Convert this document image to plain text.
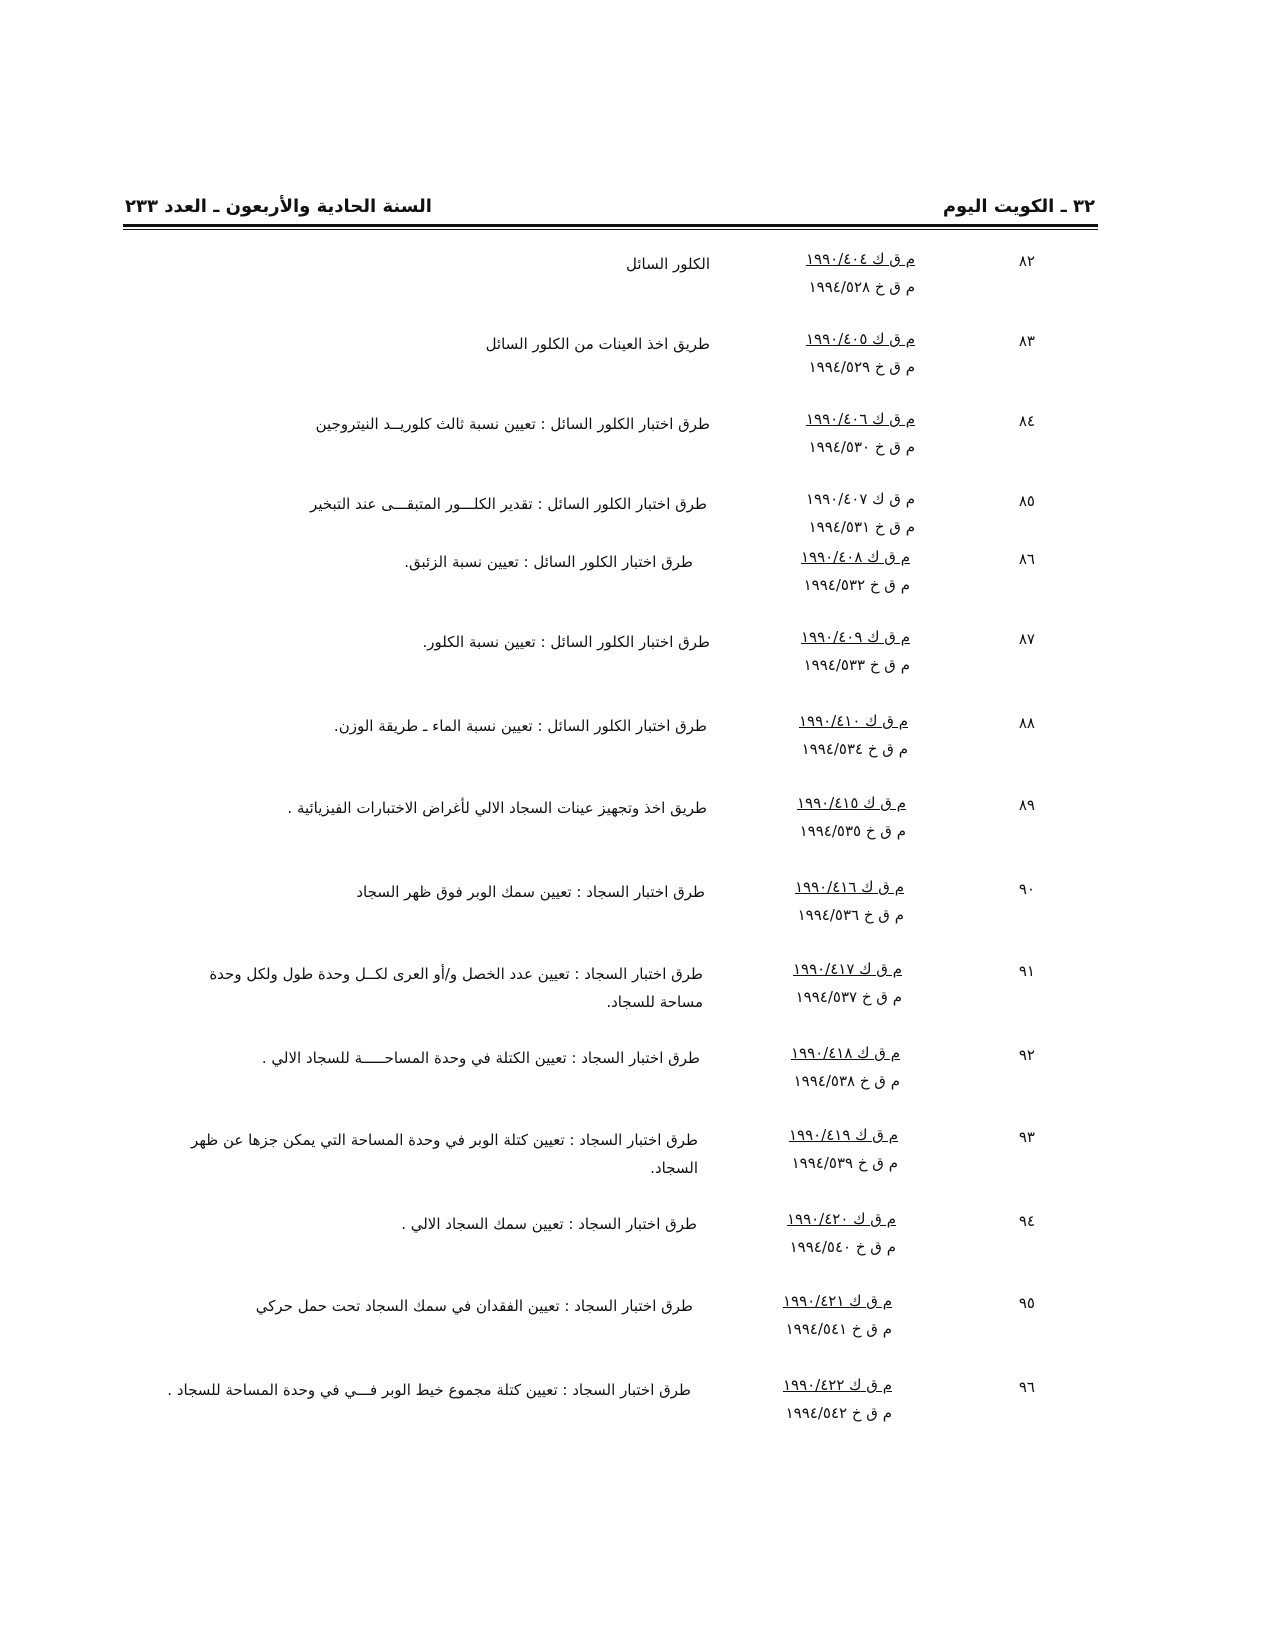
٣٢ ـ الكويت اليوم
السنة الحادية والأربعون ـ العدد ٢٣٣
٨٢
م ق ك ١٩٩٠/٤٠٤
م ق خ ١٩٩٤/٥٢٨
الكلور السائل
٨٣
م ق ك ١٩٩٠/٤٠٥
م ق خ ١٩٩٤/٥٢٩
طريق اخذ العينات من الكلور السائل
٨٤
م ق ك ١٩٩٠/٤٠٦
م ق خ ١٩٩٤/٥٣٠
طرق اختبار الكلور السائل : تعيين نسبة ثالث كلوريــد النيتروجين
٨٥
م ق ك ١٩٩٠/٤٠٧
م ق خ ١٩٩٤/٥٣١
طرق اختبار الكلور السائل : تقدير الكلـــور المتبقـــى عند التبخير
٨٦
م ق ك ١٩٩٠/٤٠٨
م ق خ ١٩٩٤/٥٣٢
طرق اختبار الكلور السائل : تعيين نسبة الزئبق.
٨٧
م ق ك ١٩٩٠/٤٠٩
م ق خ ١٩٩٤/٥٣٣
طرق اختبار الكلور السائل : تعيين نسبة الكلور.
٨٨
م ق ك ١٩٩٠/٤١٠
م ق خ ١٩٩٤/٥٣٤
طرق اختبار الكلور السائل : تعيين نسبة الماء ـ طريقة الوزن.
٨٩
م ق ك ١٩٩٠/٤١٥
م ق خ ١٩٩٤/٥٣٥
طريق اخذ وتجهيز عينات السجاد الالي لأغراض الاختبارات الفيزيائية .
٩٠
م ق ك ١٩٩٠/٤١٦
م ق خ ١٩٩٤/٥٣٦
طرق اختبار السجاد : تعيين سمك الوبر فوق ظهر السجاد
٩١
م ق ك ١٩٩٠/٤١٧
م ق خ ١٩٩٤/٥٣٧
طرق اختبار السجاد : تعيين عدد الخصل و/أو العرى لكــل وحدة طول ولكل وحدة مساحة للسجاد.
٩٢
م ق ك ١٩٩٠/٤١٨
م ق خ ١٩٩٤/٥٣٨
طرق اختبار السجاد : تعيين الكتلة في وحدة المساحـــــة للسجاد الالي .
٩٣
م ق ك ١٩٩٠/٤١٩
م ق خ ١٩٩٤/٥٣٩
طرق اختبار السجاد : تعيين كتلة الوبر في وحدة المساحة التي يمكن جزها عن ظهر السجاد.
٩٤
م ق ك ١٩٩٠/٤٢٠
م ق خ ١٩٩٤/٥٤٠
طرق اختبار السجاد : تعيين سمك السجاد الالي .
٩٥
م ق ك ١٩٩٠/٤٢١
م ق خ ١٩٩٤/٥٤١
طرق اختبار السجاد : تعيين الفقدان في سمك السجاد تحت حمل حركي
٩٦
م ق ك ١٩٩٠/٤٢٢
م ق خ ١٩٩٤/٥٤٢
طرق اختبار السجاد : تعيين كتلة مجموع خيط الوبر فـــي في وحدة المساحة للسجاد .
